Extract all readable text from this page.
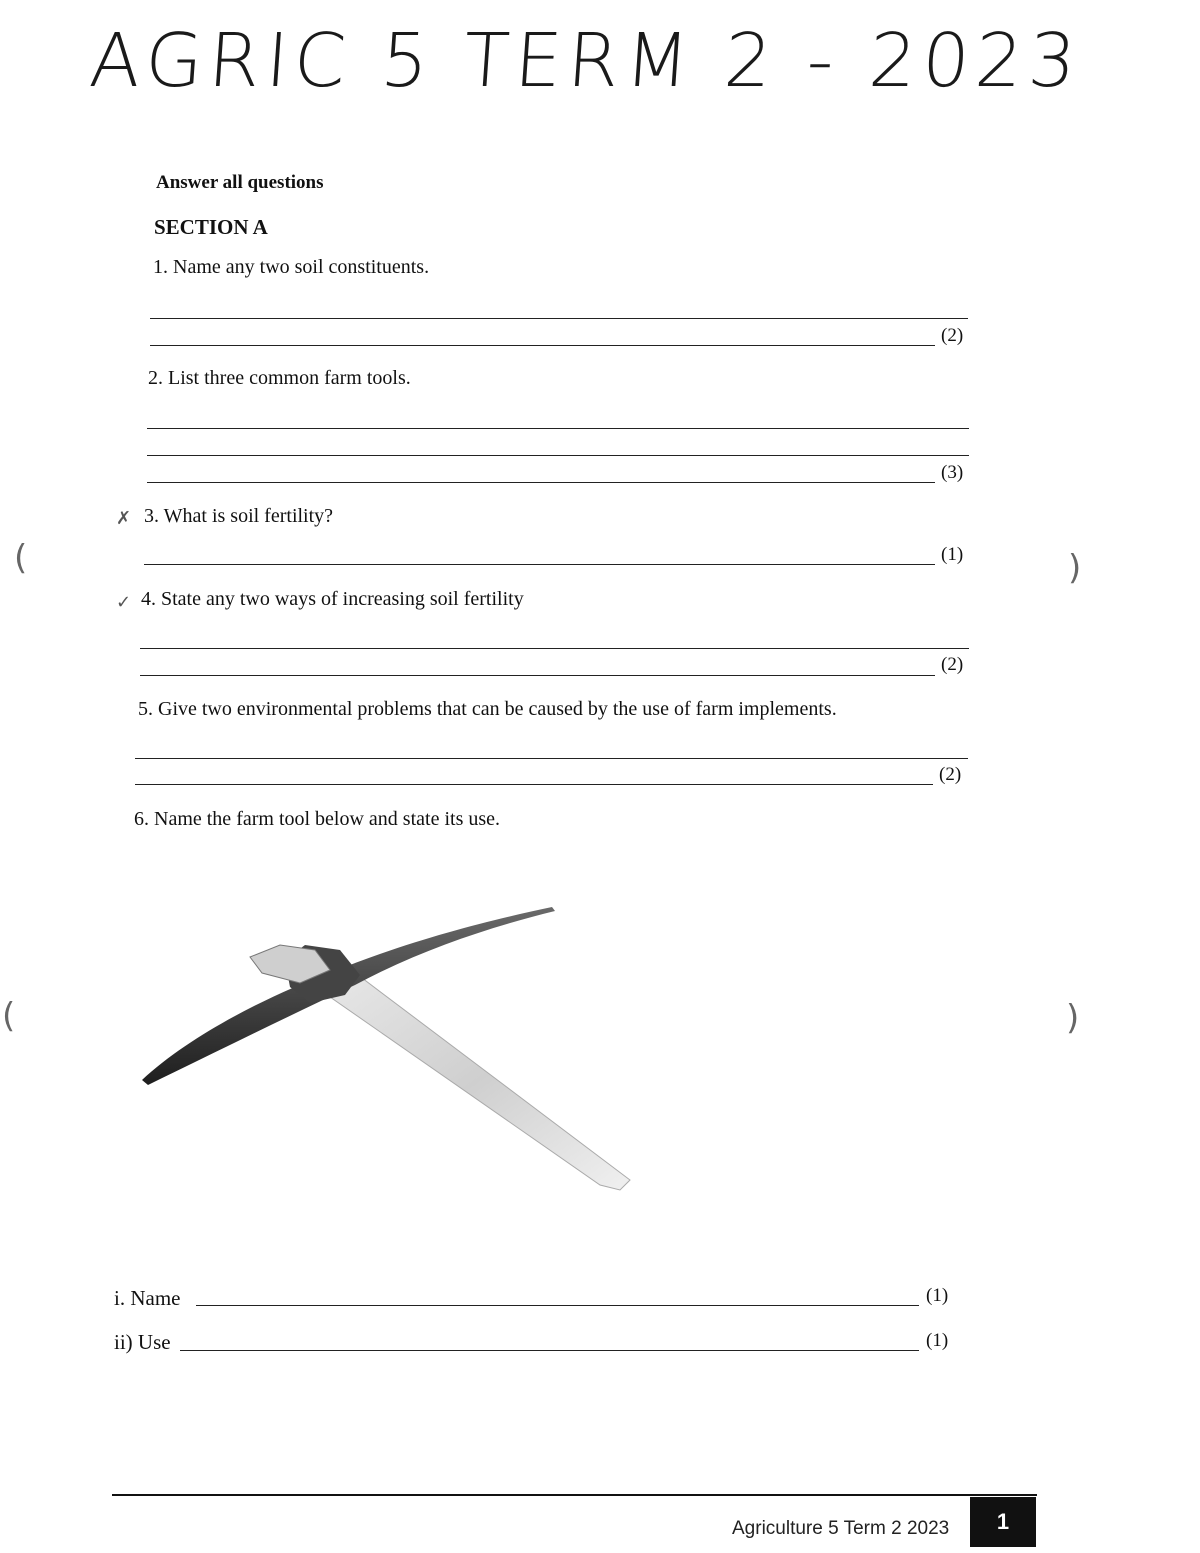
AGRIC 5 TERM 2 - 2023
Answer all questions
SECTION A
1. Name any two soil constituents.
(2)
2. List three common farm tools.
(3)
✗ 3. What is soil fertility?
(1)
✓ 4. State any two ways of increasing soil fertility
(2)
5. Give two environmental problems that can be caused by the use of farm implements.
(2)
6. Name the farm tool below and state its use.
i. Name	(1)
ii) Use	(1)
(	)
(	)
Agriculture 5 Term 2 2023	1
